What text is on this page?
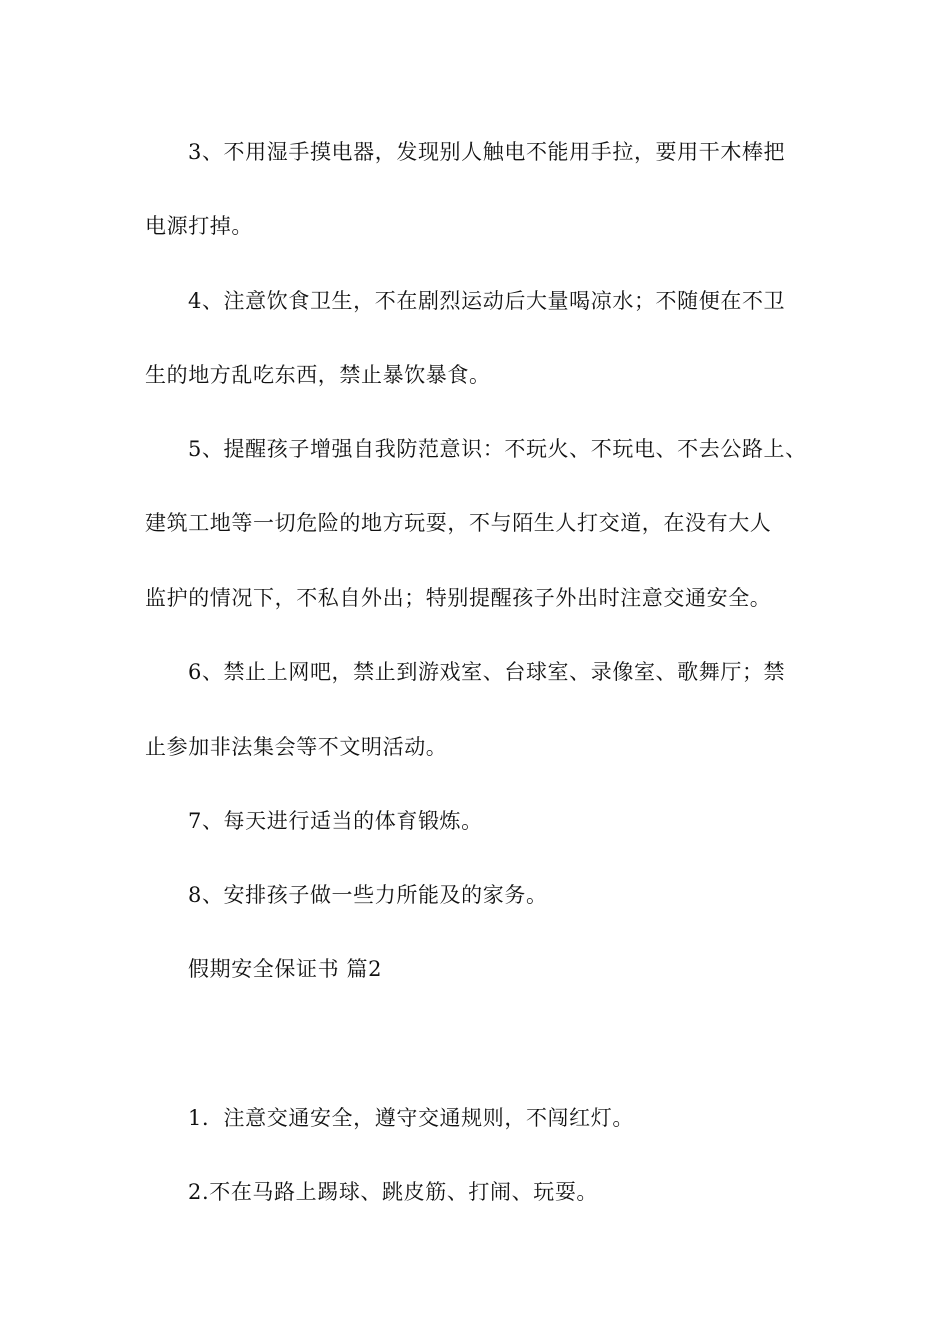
3、不用湿手摸电器，发现别人触电不能用手拉，要用干木棒把
电源打掉。
4、注意饮食卫生，不在剧烈运动后大量喝凉水；不随便在不卫
生的地方乱吃东西，禁止暴饮暴食。
5、提醒孩子增强自我防范意识：不玩火、不玩电、不去公路上、
建筑工地等一切危险的地方玩耍，不与陌生人打交道，在没有大人
监护的情况下，不私自外出；特别提醒孩子外出时注意交通安全。
6、禁止上网吧，禁止到游戏室、台球室、录像室、歌舞厅；禁
止参加非法集会等不文明活动。
7、每天进行适当的体育锻炼。
8、安排孩子做一些力所能及的家务。
假期安全保证书 篇2
1．注意交通安全，遵守交通规则，不闯红灯。
2.不在马路上踢球、跳皮筋、打闹、玩耍。
